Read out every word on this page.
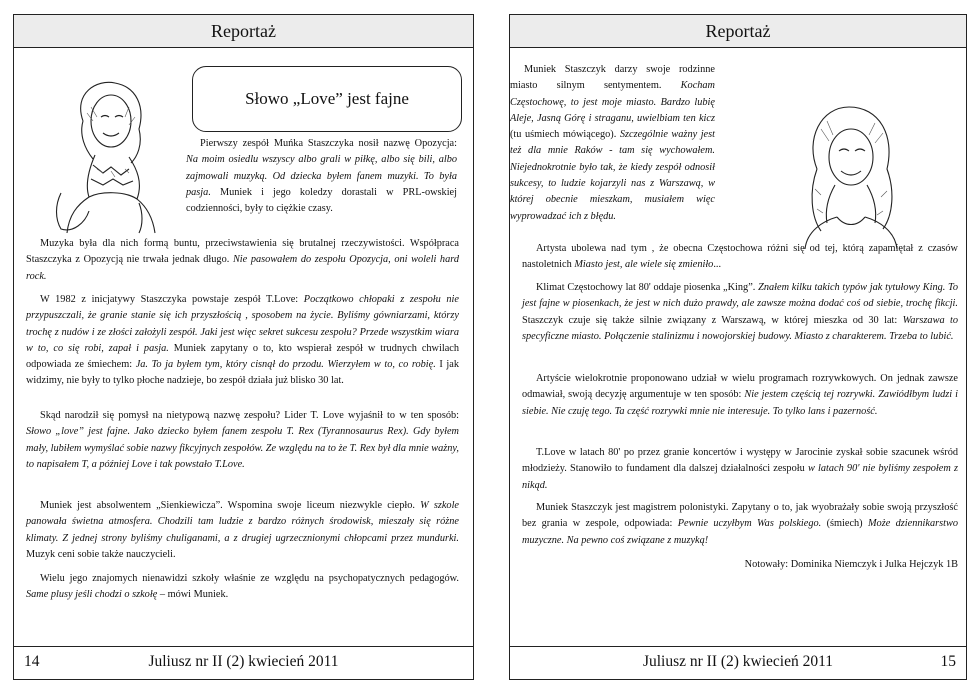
Reportaż
Słowo „Love” jest fajne

Pierwszy zespół Muńka Staszczyka nosił nazwę Opozycja: Na moim osiedlu wszyscy albo grali w piłkę, albo się bili, albo zajmowali muzyką. Od dziecka byłem fanem muzyki. To była pasja. Muniek i jego koledzy dorastali w PRL-owskiej codzienności, były to ciężkie czasy.

Muzyka była dla nich formą buntu, przeciwstawienia się brutalnej rzeczywistości. Współpraca Staszczyka z Opozycją nie trwała jednak długo. Nie pasowałem do zespołu Opozycja, oni woleli hard rock.

W 1982 z inicjatywy Staszczyka powstaje zespół T.Love: Początkowo chłopaki z zespołu nie przypuszczali, że granie stanie się ich przyszłością , sposobem na życie. Byliśmy gówniarzami, którzy trochę z nudów i ze złości założyli zespół. Jaki jest więc sekret sukcesu zespołu? Przede wszystkim wiara w to, co się robi, zapał i pasja. Muniek zapytany o to, kto wspierał zespół w trudnych chwilach odpowiada ze śmiechem: Ja. To ja byłem tym, który cisnął do przodu. Wierzyłem w to, co robię. I jak widzimy, nie były to tylko płoche nadzieje, bo zespół działa już blisko 30 lat.

Skąd narodził się pomysł na nietypową nazwę zespołu? Lider T. Love wyjaśnił to w ten sposób: Słowo „love” jest fajne. Jako dziecko byłem fanem zespołu T. Rex (Tyrannosaurus Rex). Gdy byłem mały, lubiłem wymyślać sobie nazwy fikcyjnych zespołów. Ze względu na to że T. Rex był dla mnie ważny, to napisałem T, a później Love i tak powstało T.Love.

Muniek jest absolwentem „Sienkiewicza”. Wspomina swoje liceum niezwykle ciepło. W szkole panowała świetna atmosfera. Chodzili tam ludzie z bardzo różnych środowisk, mieszały się różne klimaty. Z jednej strony byliśmy chuliganami, a z drugiej ugrzecznionymi chłopcami przez mundurki. Muzyk ceni sobie także nauczycieli.

Wielu jego znajomych nienawidzi szkoły właśnie ze względu na psychopatycznych pedagogów. Same plusy jeśli chodzi o szkołę – mówi Muniek.

Juliusz nr II (2) kwiecień 2011
14
Reportaż

Muniek Staszczyk darzy swoje rodzinne miasto silnym sentymentem. Kocham Częstochowę, to jest moje miasto. Bardzo lubię Aleje, Jasną Górę i straganu, uwielbiam ten kicz (tu uśmiech mówiącego). Szczególnie ważny jest też dla mnie Raków - tam się wychowałem. Niejednokrotnie było tak, że kiedy zespół odnosił sukcesy, to ludzie kojarzyli nas z Warszawą, w której obecnie mieszkam, musiałem więc wyprowadzać ich z błędu.

Artysta ubolewa nad tym , że obecna Częstochowa różni się od tej, którą zapamiętał z czasów nastoletnich Miasto jest, ale wiele się zmieniło...

Klimat Częstochowy lat 80' oddaje piosenka „King”. Znałem kilku takich typów jak tytułowy King. To jest fajne w piosenkach, że jest w nich dużo prawdy, ale zawsze można dodać coś od siebie, trochę fikcji. Staszczyk czuje się także silnie związany z Warszawą, w której mieszka od 30 lat: Warszawa to specyficzne miasto. Połączenie stalinizmu i nowojorskiej budowy. Miasto z charakterem. Trzeba to lubić.

Artyście wielokrotnie proponowano udział w wielu programach rozrywkowych. On jednak zawsze odmawiał, swoją decyzję argumentuje w ten sposób: Nie jestem częścią tej rozrywki. Zawiódłbym ludzi i siebie. Nie czuję tego. Ta część rozrywki mnie nie interesuje. To tylko lans i pazerność.

T.Love w latach 80' po przez granie koncertów i występy w Jarocinie zyskał sobie szacunek wśród młodzieży. Stanowiło to fundament dla dalszej działalności zespołu w latach 90' nie byliśmy zespołem z nikąd.

Muniek Staszczyk jest magistrem polonistyki. Zapytany o to, jak wyobrażały sobie swoją przyszłość bez grania w zespole, odpowiada: Pewnie uczyłbym Was polskiego. (śmiech) Może dziennikarstwo muzyczne. Na pewno coś związane z muzyką!

Notowały: Dominika Niemczyk i Julka Hejczyk 1B

Juliusz nr II (2) kwiecień 2011	15
